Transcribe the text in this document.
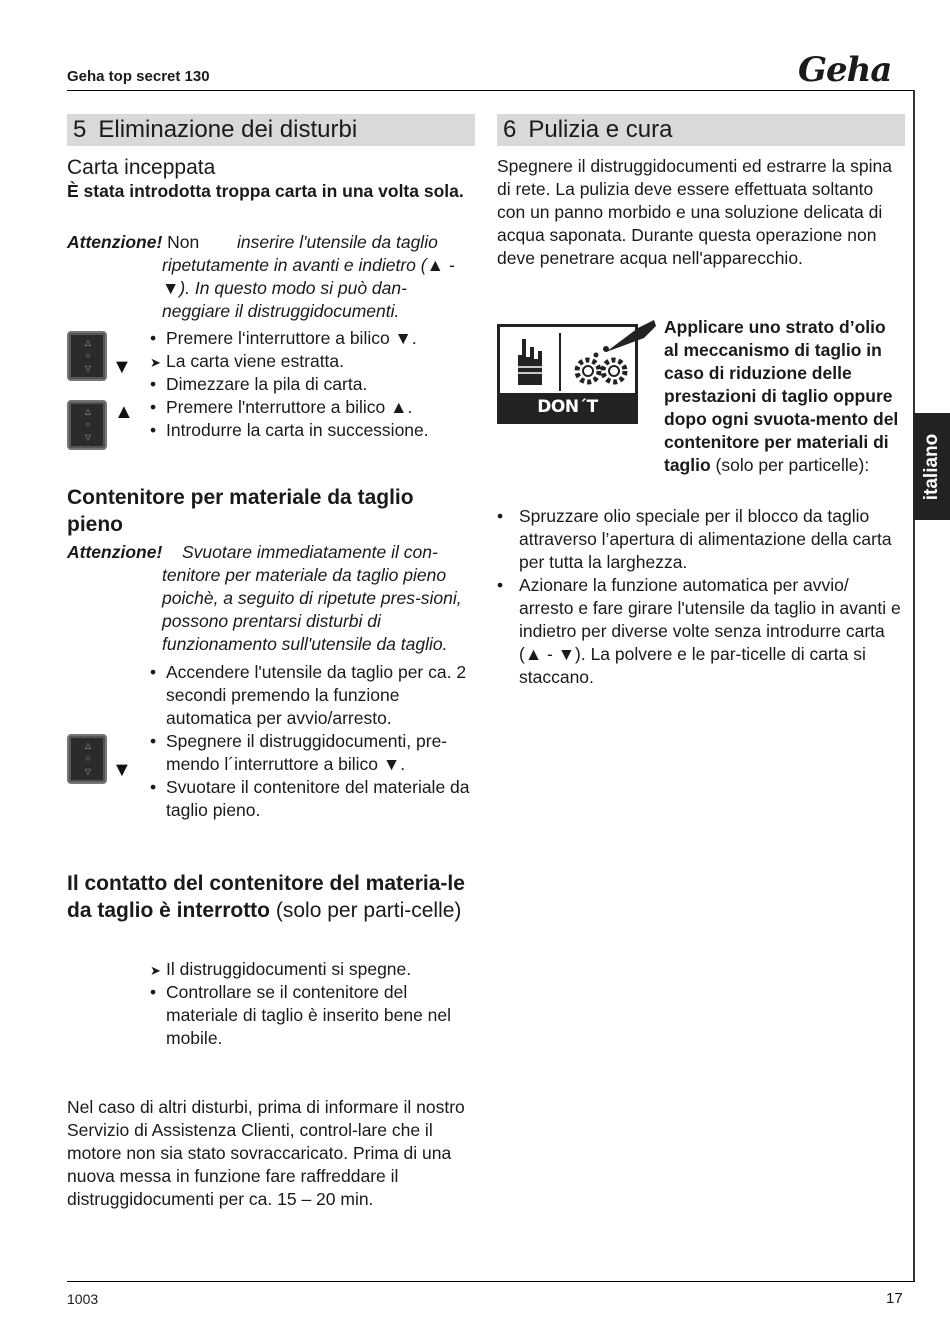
Geha top secret 130	Geha
italiano
5 Eliminazione dei disturbi
Carta inceppata
È stata introdotta troppa carta in una volta sola.
Attenzione! Non	inserire l'utensile da taglio ripetutamente in avanti e indietro (▲ - ▼). In questo modo si può dan-neggiare il distruggidocumenti.
△
○
▽ ▼
△
○
▽
▲
• Premere l‘interruttore a bilico ▼.
➤ La carta viene estratta.
• Dimezzare la pila di carta.
• Premere l'nterruttore a bilico ▲.
• Introdurre la carta in successione.
Contenitore per materiale da taglio pieno
Attenzione!	Svuotare immediatamente il con-tenitore per materiale da taglio pieno poichè, a seguito di ripetute pres-sioni, possono prentarsi disturbi di funzionamento sull'utensile da taglio.
△
○
▽ ▼
• Accendere l'utensile da taglio per ca. 2 secondi premendo la funzione automatica per avvio/arresto.
• Spegnere il distruggidocumenti, pre-mendo l´interruttore a bilico ▼.
• Svuotare il contenitore del materiale da taglio pieno.
Il contatto del contenitore del materia-le da taglio è interrotto (solo per parti-celle)
➤ Il distruggidocumenti si spegne.
• Controllare se il contenitore del materiale di taglio è inserito bene nel mobile.
Nel caso di altri disturbi, prima di informare il nostro Servizio di Assistenza Clienti, control-lare che il motore non sia stato sovraccaricato. Prima di una nuova messa in funzione fare raffreddare il distruggidocumenti per ca. 15 – 20 min.
6 Pulizia e cura
Spegnere il distruggidocumenti ed estrarre la spina di rete. La pulizia deve essere effettuata soltanto con un panno morbido e una soluzione delicata di acqua saponata. Durante questa operazione non deve penetrare acqua nell'apparecchio.
DON´T FORGET
Applicare uno strato d’olio al meccanismo di taglio in caso di riduzione delle prestazioni di taglio oppure dopo ogni svuota-mento del contenitore per materiali di taglio (solo per particelle):
• Spruzzare olio speciale per il blocco da taglio attraverso l’apertura di alimentazione della carta per tutta la larghezza.
• Azionare la funzione automatica per avvio/ arresto e fare girare l'utensile da taglio in avanti e indietro per diverse volte senza introdurre carta (▲ - ▼). La polvere e le par-ticelle di carta si staccano.
1003	17
